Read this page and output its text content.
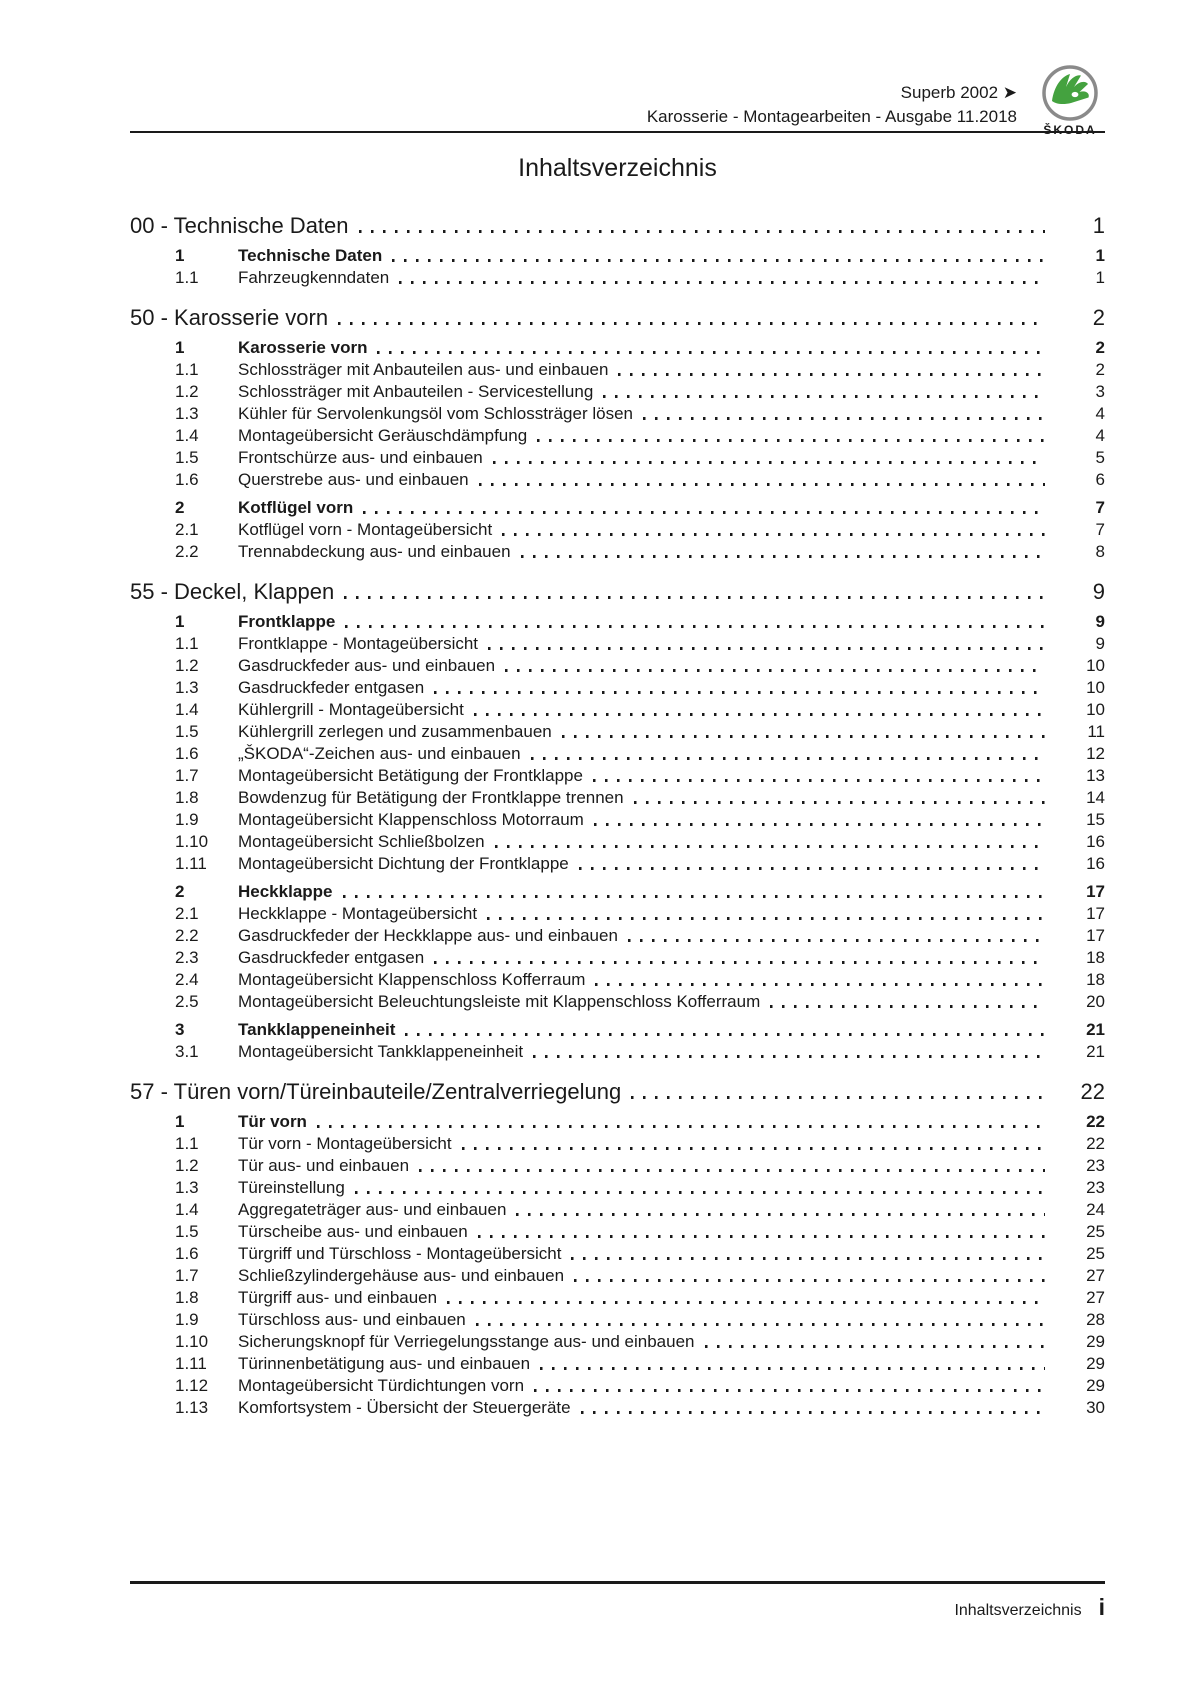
Superb 2002 ➤
Karosserie - Montagearbeiten - Ausgabe 11.2018
ŠKODA
Inhaltsverzeichnis
00 - Technische Daten	1
1	Technische Daten	1
1.1	Fahrzeugkenndaten	1
50 - Karosserie vorn	2
1	Karosserie vorn	2
1.1	Schlossträger mit Anbauteilen aus- und einbauen	2
1.2	Schlossträger mit Anbauteilen - Servicestellung	3
1.3	Kühler für Servolenkungsöl vom Schlossträger lösen	4
1.4	Montageübersicht Geräuschdämpfung	4
1.5	Frontschürze aus- und einbauen	5
1.6	Querstrebe aus- und einbauen	6
2	Kotflügel vorn	7
2.1	Kotflügel vorn - Montageübersicht	7
2.2	Trennabdeckung aus- und einbauen	8
55 - Deckel, Klappen	9
1	Frontklappe	9
1.1	Frontklappe - Montageübersicht	9
1.2	Gasdruckfeder aus- und einbauen	10
1.3	Gasdruckfeder entgasen	10
1.4	Kühlergrill - Montageübersicht	10
1.5	Kühlergrill zerlegen und zusammenbauen	11
1.6	„ŠKODA“-Zeichen aus- und einbauen	12
1.7	Montageübersicht Betätigung der Frontklappe	13
1.8	Bowdenzug für Betätigung der Frontklappe trennen	14
1.9	Montageübersicht Klappenschloss Motorraum	15
1.10	Montageübersicht Schließbolzen	16
1.11	Montageübersicht Dichtung der Frontklappe	16
2	Heckklappe	17
2.1	Heckklappe - Montageübersicht	17
2.2	Gasdruckfeder der Heckklappe aus- und einbauen	17
2.3	Gasdruckfeder entgasen	18
2.4	Montageübersicht Klappenschloss Kofferraum	18
2.5	Montageübersicht Beleuchtungsleiste mit Klappenschloss Kofferraum	20
3	Tankklappeneinheit	21
3.1	Montageübersicht Tankklappeneinheit	21
57 - Türen vorn/Türeinbauteile/Zentralverriegelung	22
1	Tür vorn	22
1.1	Tür vorn - Montageübersicht	22
1.2	Tür aus- und einbauen	23
1.3	Türeinstellung	23
1.4	Aggregateträger aus- und einbauen	24
1.5	Türscheibe aus- und einbauen	25
1.6	Türgriff und Türschloss - Montageübersicht	25
1.7	Schließzylindergehäuse aus- und einbauen	27
1.8	Türgriff aus- und einbauen	27
1.9	Türschloss aus- und einbauen	28
1.10	Sicherungsknopf für Verriegelungsstange aus- und einbauen	29
1.11	Türinnenbetätigung aus- und einbauen	29
1.12	Montageübersicht Türdichtungen vorn	29
1.13	Komfortsystem - Übersicht der Steuergeräte	30
Inhaltsverzeichnis i
